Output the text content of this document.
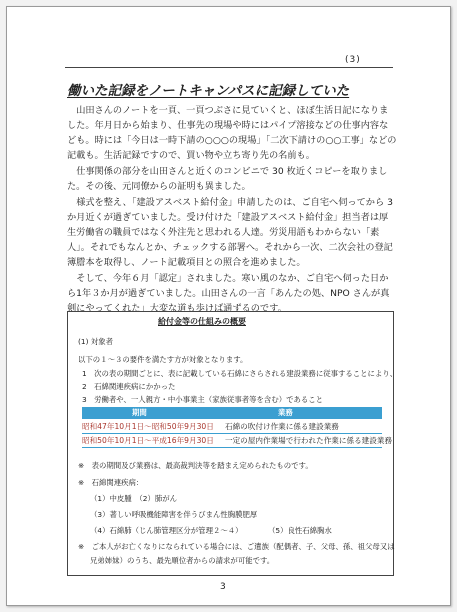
(3)
働いた記録をノートキャンパスに記録していた

山田さんのノートを一頁、一頁つぶさに見ていくと、ほぼ生活日記になりました。年月日から始まり、仕事先の現場や時にはパイプ溶接などの仕事内容なども。時には「今日は一時下請の○○○の現場」「二次下請けの○○工事」などの記載も。生活記録ですので、買い物や立ち寄り先の名前も。

仕事関係の部分を山田さんと近くのコンビニで 30 枚近くコピーを取りました。その後、元同僚からの証明も異ました。

様式を整え、「建設アスベスト給付金」申請したのは、ご自宅へ伺ってから 3か月近くが過ぎていました。受け付けた「建設アスベスト給付金」担当者は厚生労働省の職員ではなく外注先と思われる人達。労災用語もわからない「素人」。それでもなんとか、チェックする部署へ。それから一次、二次会社の登記簿謄本を取得し、ノート記載項目との照合を進めました。

そして、今年６月「認定」されました。寒い風のなか、ご自宅へ伺った日から1年３か月が過ぎていました。山田さんの一言「あんたの処、NPO さんが真剣にやってくれた」大変な道も歩けば通ずるのです。

給付金等の仕組みの概要
(1) 対象者
以下の１～３の要件を満たす方が対象となります。
1　次の表の期間ごとに、表に記載している石綿にさらされる建設業務に従事することにより、
2　石綿関連疾病にかかった
3　労働者や、一人親方・中小事業主（家族従事者等を含む）であること
期間	業務
昭和47年10月1日～昭和50年9月30日 石綿の吹付け作業に係る建設業務
昭和50年10月1日～平成16年9月30日 一定の屋内作業場で行われた作業に係る建設業務
※　表の期間及び業務は、最高裁判決等を踏まえ定められたものです。
※　石綿関連疾病：
（1）中皮腫　（2）肺がん
（3）著しい呼吸機能障害を伴うびまん性胸膜肥厚
（4）石綿肺（じん肺管理区分が管理２～４）	（5）良性石綿胸水
※　ご本人がお亡くなりになられている場合には、ご遺族（配偶者、子、父母、孫、祖父母又は
兄弟姉妹）のうち、最先順位者からの請求が可能です。
3
